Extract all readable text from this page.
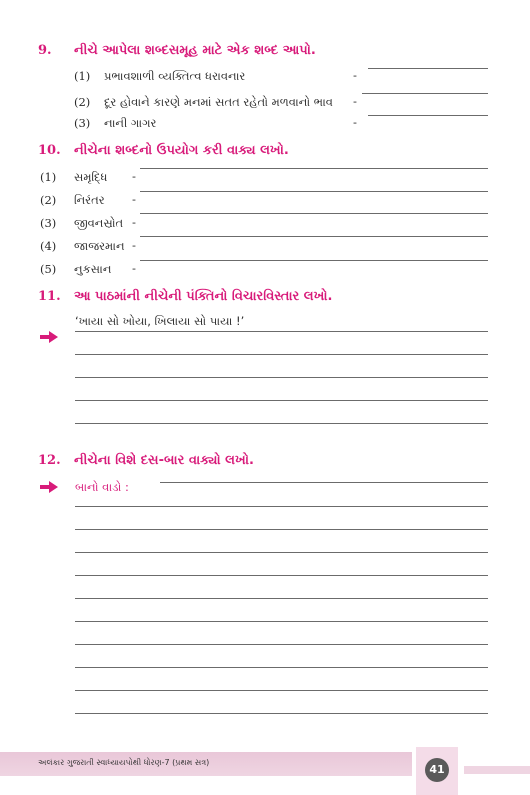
9. નીચે આપેલા શબ્દસમૂહ માટે એક શબ્દ આપો.
(1) પ્રભાવશાળી વ્યક્તિત્વ ધરાવનાર	-
(2) દૂર હોવાને કારણે મનમાં સતત રહેતો મળવાનો ભાવ -
(3) નાની ગાગર	-
10. નીચેના શબ્દનો ઉપયોગ કરી વાક્ય લખો.
(1) સમૃદ્ધિ -
(2) નિરંતર -
(3) જીવનસ્રોત -
(4) જાજરમાન -
(5) નુકસાન -
11. આ પાઠમાંની નીચેની પંક્તિનો વિચારવિસ્તાર લખો.
‘ખાયા સો ખોયા, ખિલાયા સો પાયા !’
12. નીચેના વિશે દસ-બાર વાક્યો લખો.
બાનો વાડો :
અલંકાર ગુજરાતી સ્વાધ્યાયપોથી ધોરણ-7 (પ્રથમ સત્ર)
41
